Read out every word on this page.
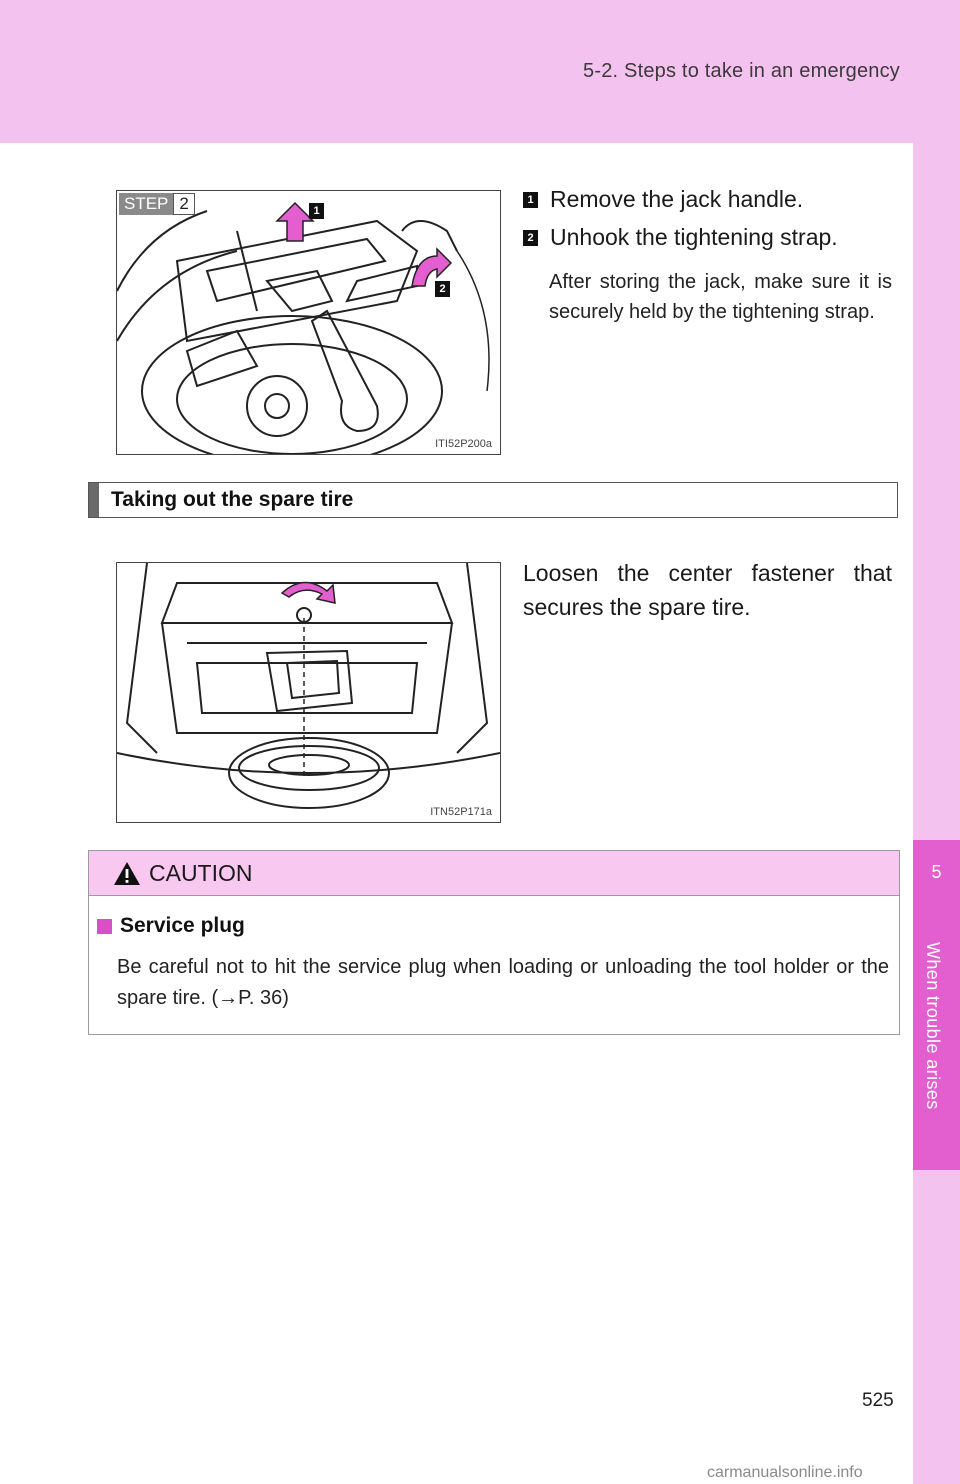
5-2. Steps to take in an emergency
5
When trouble arises
STEP 2	1
2
ITI52P200a
1 Remove the jack handle.
2 Unhook the tightening strap.
After storing the jack, make sure it is securely held by the tightening strap.
Taking out the spare tire
Loosen the center fastener that secures the spare tire.
ITN52P171a
CAUTION
Service plug
Be careful not to hit the service plug when loading or unloading the tool holder or the spare tire. (→P. 36)
525
carmanualsonline.info
